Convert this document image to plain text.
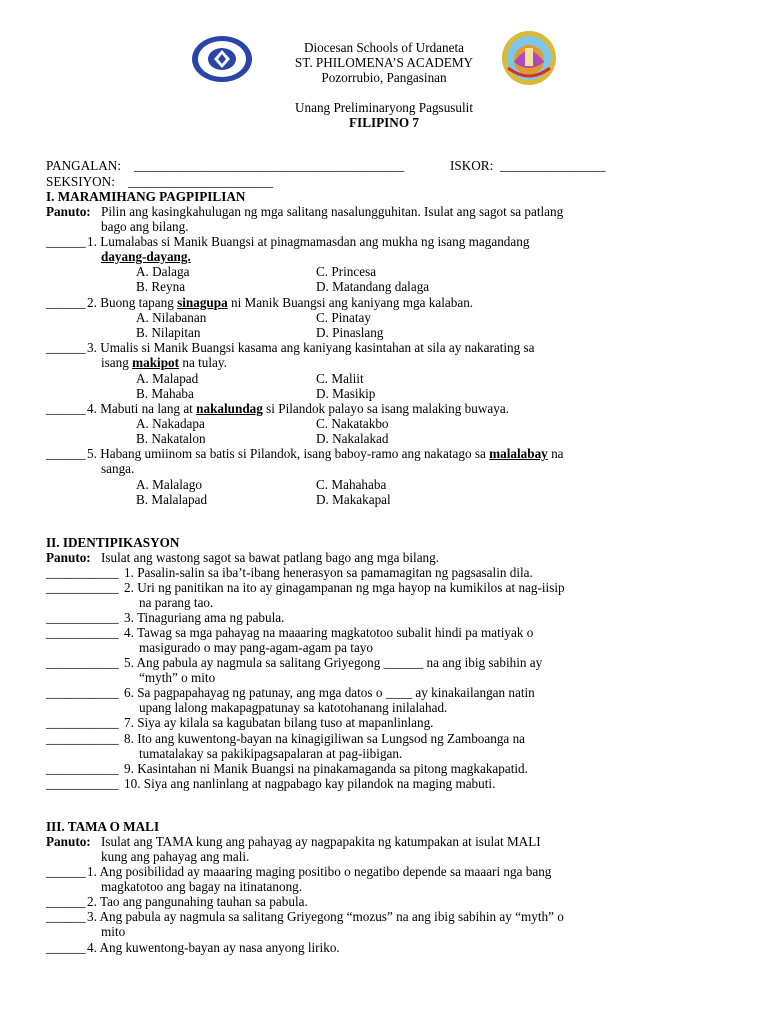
Diocesan Schools of Urdaneta
ST. PHILOMENA’S ACADEMY
Pozorrubio, Pangasinan
Unang Preliminaryong Pagsusulit
FILIPINO 7
PANGALAN: _________________________________________	ISKOR: ________________
SEKSIYON: ______________________
I. MARAMIHANG PAGPIPILIAN
Panuto: Pilin ang kasingkahulugan ng mga salitang nasalungguhitan. Isulat ang sagot sa patlang
bago ang bilang.
______ 1. Lumalabas si Manik Buangsi at pinagmamasdan ang mukha ng isang magandang
dayang-dayang.
A. Dalaga	C. Princesa
B. Reyna	D. Matandang dalaga
______ 2. Buong tapang sinagupa ni Manik Buangsi ang kaniyang mga kalaban.
A. Nilabanan	C. Pinatay
B. Nilapitan	D. Pinaslang
______ 3. Umalis si Manik Buangsi kasama ang kaniyang kasintahan at sila ay nakarating sa
isang makipot na tulay.
A. Malapad	C. Maliit
B. Mahaba	D. Masikip
______ 4. Mabuti na lang at nakalundag si Pilandok palayo sa isang malaking buwaya.
A. Nakadapa	C. Nakatakbo
B. Nakatalon	D. Nakalakad
______ 5. Habang umiinom sa batis si Pilandok, isang baboy-ramo ang nakatago sa malalabay na
sanga.
A. Malalago	C. Mahahaba
B. Malalapad	D. Makakapal
II. IDENTIPIKASYON
Panuto: Isulat ang wastong sagot sa bawat patlang bago ang mga bilang.
___________ 1. Pasalin-salin sa iba’t-ibang henerasyon sa pamamagitan ng pagsasalin dila.
___________ 2. Uri ng panitikan na ito ay ginagampanan ng mga hayop na kumikilos at nag-iisip
na parang tao.
___________ 3. Tinaguriang ama ng pabula.
___________ 4. Tawag sa mga pahayag na maaaring magkatotoo subalit hindi pa matiyak o
masigurado o may pang-agam-agam pa tayo
___________ 5. Ang pabula ay nagmula sa salitang Griyegong ______ na ang ibig sabihin ay
“myth” o mito
___________ 6. Sa pagpapahayag ng patunay, ang mga datos o ____ ay kinakailangan natin
upang lalong makapagpatunay sa katotohanang inilalahad.
___________ 7. Siya ay kilala sa kagubatan bilang tuso at mapanlinlang.
___________ 8. Ito ang kuwentong-bayan na kinagigiliwan sa Lungsod ng Zamboanga na
tumatalakay sa pakikipagsapalaran at pag-iibigan.
___________ 9. Kasintahan ni Manik Buangsi na pinakamaganda sa pitong magkakapatid.
___________ 10. Siya ang nanlinlang at nagpabago kay pilandok na maging mabuti.
III. TAMA O MALI
Panuto: Isulat ang TAMA kung ang pahayag ay nagpapakita ng katumpakan at isulat MALI
kung ang pahayag ang mali.
______ 1. Ang posibilidad ay maaaring maging positibo o negatibo depende sa maaari nga bang
magkatotoo ang bagay na itinatanong.
______ 2. Tao ang pangunahing tauhan sa pabula.
______ 3. Ang pabula ay nagmula sa salitang Griyegong “mozus” na ang ibig sabihin ay “myth” o
mito
______ 4. Ang kuwentong-bayan ay nasa anyong liriko.
